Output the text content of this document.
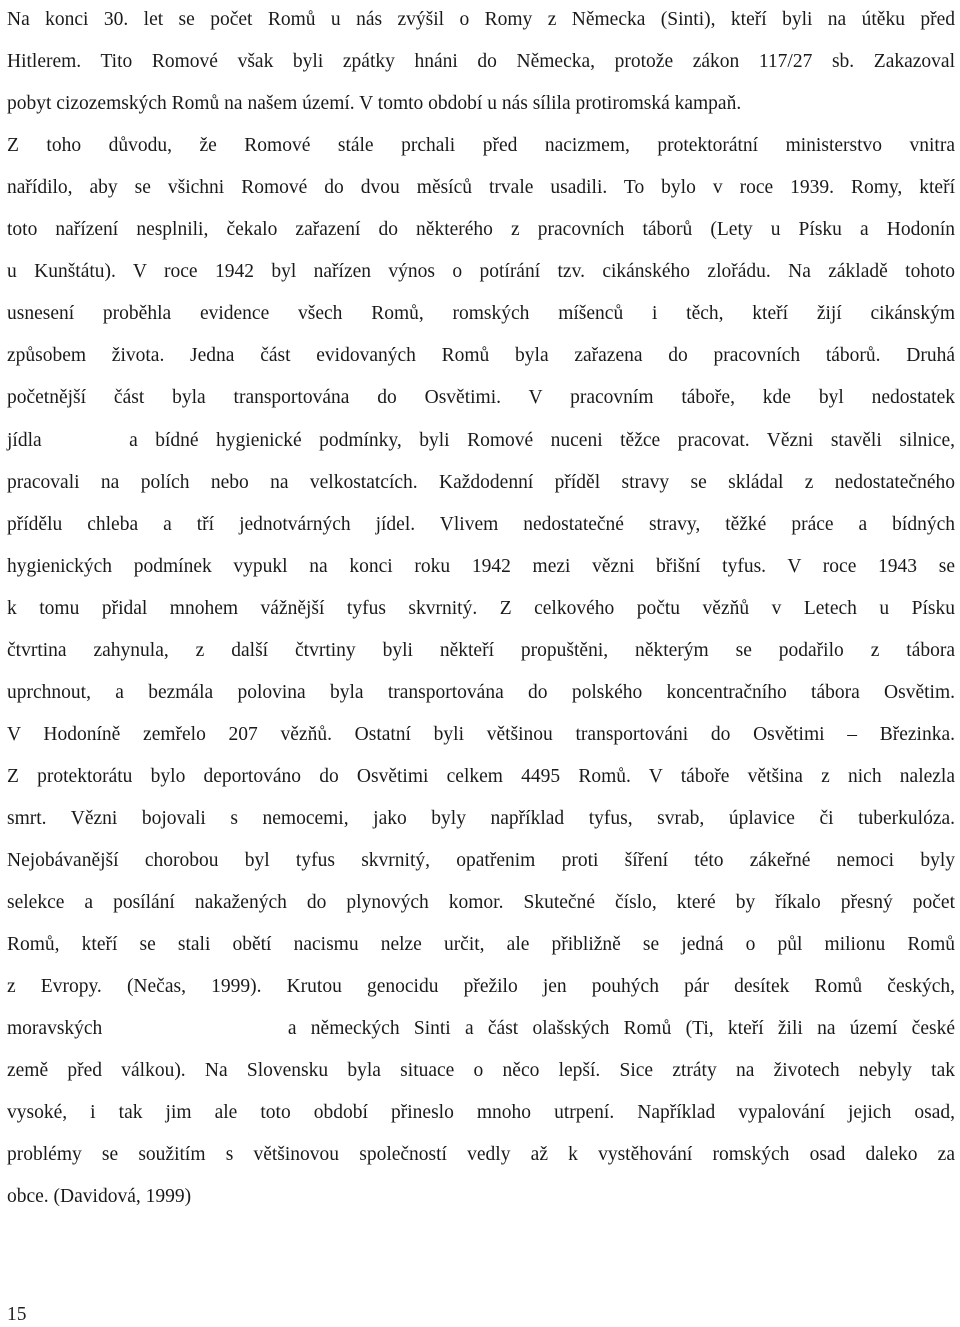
Na konci 30. let se počet Romů u nás zvýšil o Romy z Německa (Sinti), kteří byli na útěku před
Hitlerem. Tito Romové však byli zpátky hnáni do Německa, protože zákon 117/27 sb. Zakazoval
pobyt cizozemských Romů na našem území. V tomto období u nás sílila protiromská kampaň.
Z toho důvodu, že Romové stále prchali před nacizmem, protektorátní ministerstvo vnitra
nařídilo, aby se všichni Romové do dvou měsíců trvale usadili. To bylo v roce 1939. Romy, kteří
toto nařízení nesplnili, čekalo zařazení do některého z pracovních táborů (Lety u Písku a Hodonín
u Kunštátu). V roce 1942 byl nařízen výnos o potírání tzv. cikánského zlořádu. Na základě tohoto
usnesení proběhla evidence všech Romů, romských míšenců i těch, kteří žijí cikánským
způsobem života. Jedna část evidovaných Romů byla zařazena do pracovních táborů. Druhá
početnější část byla transportována do Osvětimi. V pracovním táboře, kde byl nedostatek
jídla     a bídné hygienické podmínky, byli Romové nuceni těžce pracovat. Vězni stavěli silnice,
pracovali na polích nebo na velkostatcích. Každodenní příděl stravy se skládal z nedostatečného
přídělu chleba a tří jednotvárných jídel. Vlivem nedostatečné stravy, těžké práce a bídných
hygienických podmínek vypukl na konci roku 1942 mezi vězni břišní tyfus. V roce 1943 se
k tomu přidal mnohem vážnější tyfus skvrnitý. Z celkového počtu vězňů v Letech u Písku
čtvrtina zahynula, z další čtvrtiny byli někteří propuštěni, některým se podařilo z tábora
uprchnout, a bezmála polovina byla transportována do polského koncentračního tábora Osvětim.
V Hodoníně zemřelo 207 vězňů. Ostatní byli většinou transportováni do Osvětimi – Březinka.
Z protektorátu bylo deportováno do Osvětimi celkem 4495 Romů. V táboře většina z nich nalezla
smrt. Vězni bojovali s nemocemi, jako byly například tyfus, svrab, úplavice či tuberkulóza.
Nejobávanější chorobou byl tyfus skvrnitý, opatřenim proti šíření této zákeřné nemoci byly
selekce a posílání nakažených do plynových komor. Skutečné číslo, které by říkalo přesný počet
Romů, kteří se stali obětí nacismu nelze určit, ale přibližně se jedná o půl milionu Romů
z Evropy. (Nečas, 1999). Krutou genocidu přežilo jen pouhých pár desítek Romů českých,
moravských             a německých Sinti a část olašských Romů (Ti, kteří žili na území české
země před válkou). Na Slovensku byla situace o něco lepší. Sice ztráty na životech nebyly tak
vysoké, i tak jim ale toto období přineslo mnoho utrpení. Například vypalování jejich osad,
problémy se soužitím s většinovou společností vedly až k vystěhování romských osad daleko za
obce. (Davidová, 1999)
15
